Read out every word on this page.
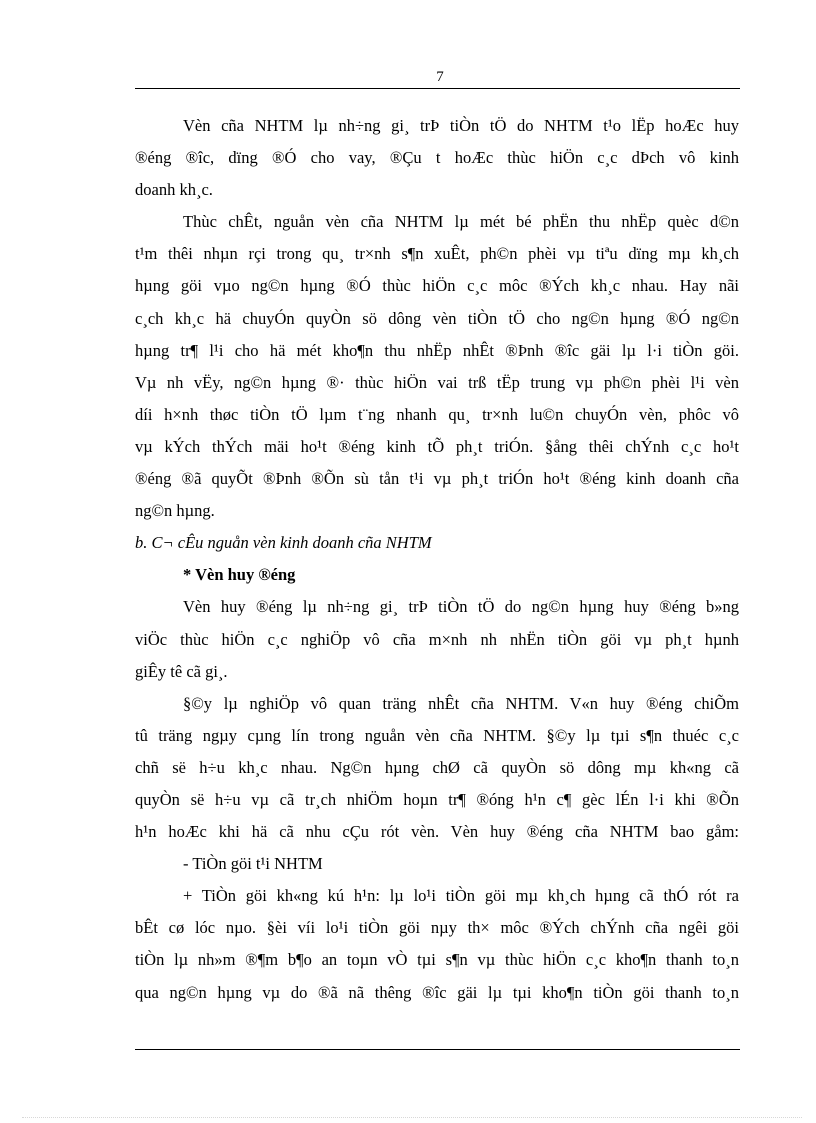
7
Vèn cña NHTM lµ nh÷ng gi¸ trÞ tiÒn tÖ do NHTM t¹o lËp hoÆc huy
®éng ®îc, dïng ®Ó cho vay, ®Çu t hoÆc thùc hiÖn c¸c dÞch vô kinh
doanh kh¸c.
Thùc chÊt, nguån vèn cña NHTM lµ mét bé phËn thu nhËp quèc d©n
t¹m thêi nhµn rçi trong qu¸ tr×nh s¶n xuÊt, ph©n phèi vµ tiªu dïng mµ kh¸ch
hµng göi vµo ng©n hµng ®Ó thùc hiÖn c¸c môc ®Ých kh¸c nhau. Hay nãi
c¸ch kh¸c hä chuyÓn quyÒn sö dông vèn tiÒn tÖ cho ng©n hµng ®Ó ng©n
hµng tr¶ l¹i cho hä mét kho¶n thu nhËp nhÊt ®Þnh ®îc gäi lµ l·i tiÒn göi.
Vµ nh vËy, ng©n hµng ®· thùc hiÖn vai trß tËp trung vµ ph©n phèi l¹i vèn
díi h×nh thøc tiÒn tÖ lµm t¨ng nhanh qu¸ tr×nh lu©n chuyÓn vèn, phôc vô
vµ kÝch thÝch mäi ho¹t ®éng kinh tÕ ph¸t triÓn. §ång thêi chÝnh c¸c ho¹t
®éng ®ã quyÕt ®Þnh ®Õn sù tån t¹i vµ ph¸t triÓn ho¹t ®éng kinh doanh cña
ng©n hµng.
b. C¬ cÊu nguån vèn kinh doanh cña NHTM
* Vèn huy ®éng
Vèn huy ®éng lµ nh÷ng gi¸ trÞ tiÒn tÖ do ng©n hµng huy ®éng b»ng
viÖc thùc hiÖn c¸c nghiÖp vô cña m×nh nh nhËn tiÒn göi vµ ph¸t hµnh
giÊy tê cã gi¸.
§©y lµ nghiÖp vô quan träng nhÊt cña NHTM. V«n huy ®éng chiÕm
tû träng ngµy cµng lín trong nguån vèn cña NHTM. §©y lµ tµi s¶n thuéc c¸c
chñ së h÷u kh¸c nhau. Ng©n hµng chØ cã quyÒn sö dông mµ kh«ng cã
quyÒn së h÷u vµ cã tr¸ch nhiÖm hoµn tr¶ ®óng h¹n c¶ gèc lÉn l·i khi ®Õn
h¹n hoÆc khi hä cã nhu cÇu rót vèn. Vèn huy ®éng cña NHTM bao gåm:
- TiÒn göi t¹i NHTM
+ TiÒn göi kh«ng kú h¹n: lµ lo¹i tiÒn göi mµ kh¸ch hµng cã thÓ rót ra
bÊt cø lóc nµo. §èi víi lo¹i tiÒn göi nµy th× môc ®Ých chÝnh cña ngêi göi
tiÒn lµ nh»m ®¶m b¶o an toµn vÒ tµi s¶n vµ thùc hiÖn c¸c kho¶n thanh to¸n
qua ng©n hµng vµ do ®ã nã thêng ®îc gäi lµ tµi kho¶n tiÒn göi thanh to¸n
